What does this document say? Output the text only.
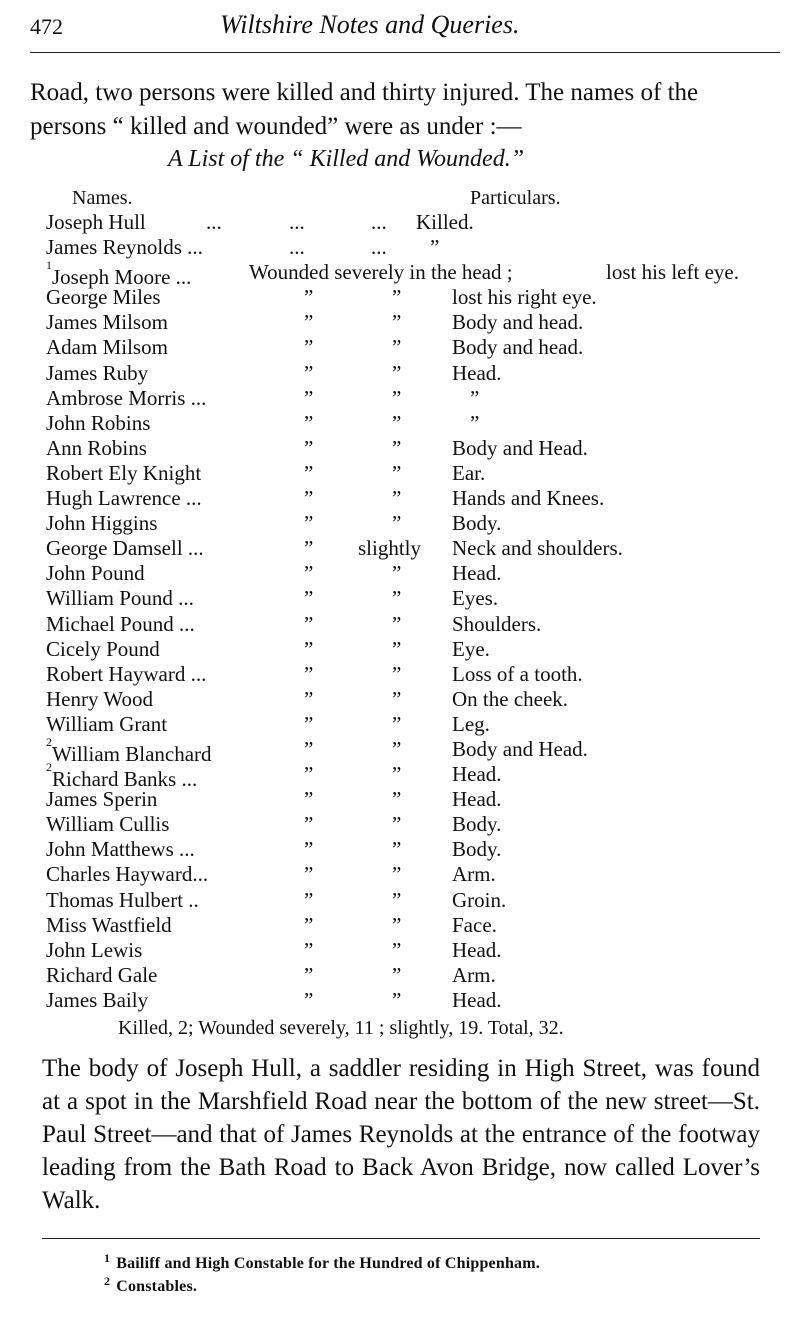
472	Wiltshire Notes and Queries.
Road, two persons were killed and thirty injured. The names of the persons “ killed and wounded” were as under :—
A List of the “ Killed and Wounded.”
Names.	Particulars.
Joseph Hull	...	...	... Killed.
James Reynolds ...	...	... ”
$^1$Joseph Moore ...	Wounded severely in the head ;	lost his left eye.
George Miles	”	” lost his right eye.
James Milsom	”	” Body and head.
Adam Milsom	”	” Body and head.
James Ruby	”	” Head.
Ambrose Morris ...	”	”	”
John Robins	”	”	”
Ann Robins	”	” Body and Head.
Robert Ely Knight	”	” Ear.
Hugh Lawrence ...	”	” Hands and Knees.
John Higgins	”	” Body.
George Damsell ...	” slightly Neck and shoulders.
John Pound	”	” Head.
William Pound ...	”	” Eyes.
Michael Pound ...	”	” Shoulders.
Cicely Pound	”	” Eye.
Robert Hayward ...	”	” Loss of a tooth.
Henry Wood	”	” On the cheek.
William Grant	”	” Leg.
$^2$William Blanchard	”	” Body and Head.
$^2$Richard Banks ...	”	” Head.
James Sperin	”	” Head.
William Cullis	”	” Body.
John Matthews ...	”	” Body.
Charles Hayward...	”	” Arm.
Thomas Hulbert ..	”	” Groin.
Miss Wastfield	”	” Face.
John Lewis	”	” Head.
Richard Gale	”	” Arm.
James Baily	”	” Head.
Killed, 2; Wounded severely, 11 ; slightly, 19. Total, 32.
The body of Joseph Hull, a saddler residing in High Street, was found at a spot in the Marshfield Road near the bottom of the new street—St. Paul Street—and that of James Reynolds at the entrance of the footway leading from the Bath Road to Back Avon Bridge, now called Lover’s Walk.
$^1$ Bailiff and High Constable for the Hundred of Chippenham.
$^2$ Constables.
